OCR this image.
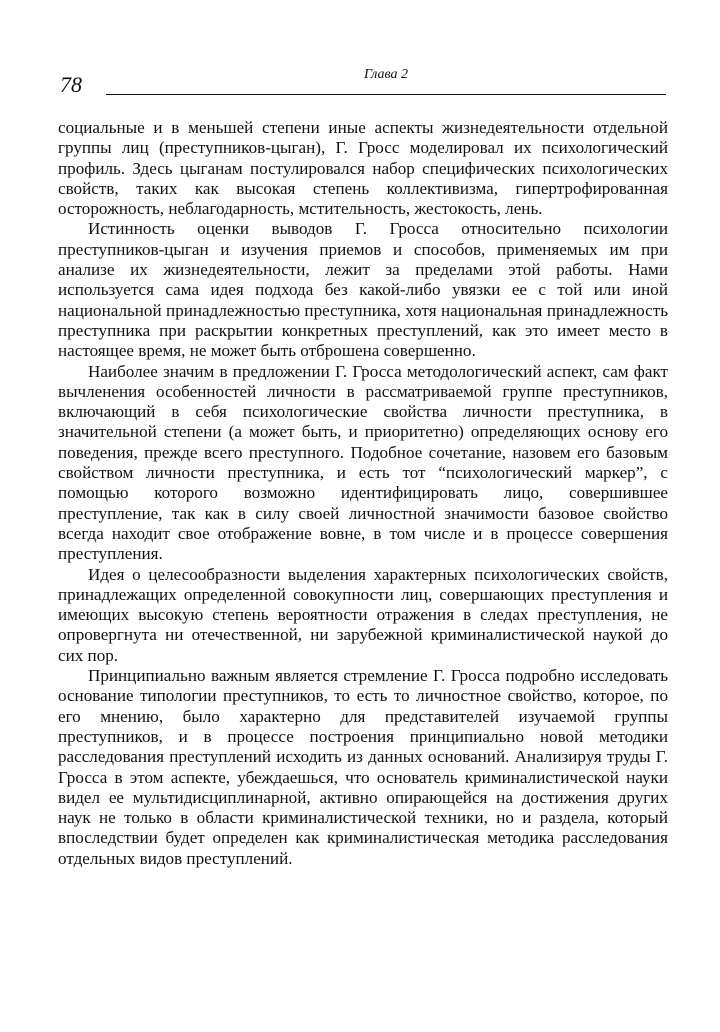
78	Глава 2

социальные и в меньшей степени иные аспекты жизнедеятельности отдельной группы лиц (преступников-цыган), Г. Гросс моделировал их психологический профиль. Здесь цыганам постулировался набор специфических психологических свойств, таких как высокая степень коллективизма, гипертрофированная осторожность, неблагодарность, мстительность, жестокость, лень.

Истинность оценки выводов Г. Гросса относительно психологии преступников-цыган и изучения приемов и способов, применяемых им при анализе их жизнедеятельности, лежит за пределами этой работы. Нами используется сама идея подхода без какой-либо увязки ее с той или иной национальной принадлежностью преступника, хотя национальная принадлежность преступника при раскрытии конкретных преступлений, как это имеет место в настоящее время, не может быть отброшена совершенно.

Наиболее значим в предложении Г. Гросса методологический аспект, сам факт вычленения особенностей личности в рассматриваемой группе преступников, включающий в себя психологические свойства личности преступника, в значительной степени (а может быть, и приоритетно) определяющих основу его поведения, прежде всего преступного. Подобное сочетание, назовем его базовым свойством личности преступника, и есть тот “психологический маркер”, с помощью которого возможно идентифицировать лицо, совершившее преступление, так как в силу своей личностной значимости базовое свойство всегда находит свое отображение вовне, в том числе и в процессе совершения преступления.

Идея о целесообразности выделения характерных психологических свойств, принадлежащих определенной совокупности лиц, совершающих преступления и имеющих высокую степень вероятности отражения в следах преступления, не опровергнута ни отечественной, ни зарубежной криминалистической наукой до сих пор.

Принципиально важным является стремление Г. Гросса подробно исследовать основание типологии преступников, то есть то личностное свойство, которое, по его мнению, было характерно для представителей изучаемой группы преступников, и в процессе построения принципиально новой методики расследования преступлений исходить из данных оснований. Анализируя труды Г. Гросса в этом аспекте, убеждаешься, что основатель криминалистической науки видел ее мультидисциплинарной, активно опирающейся на достижения других наук не только в области криминалистической техники, но и раздела, который впоследствии будет определен как криминалистическая методика расследования отдельных видов преступлений.
